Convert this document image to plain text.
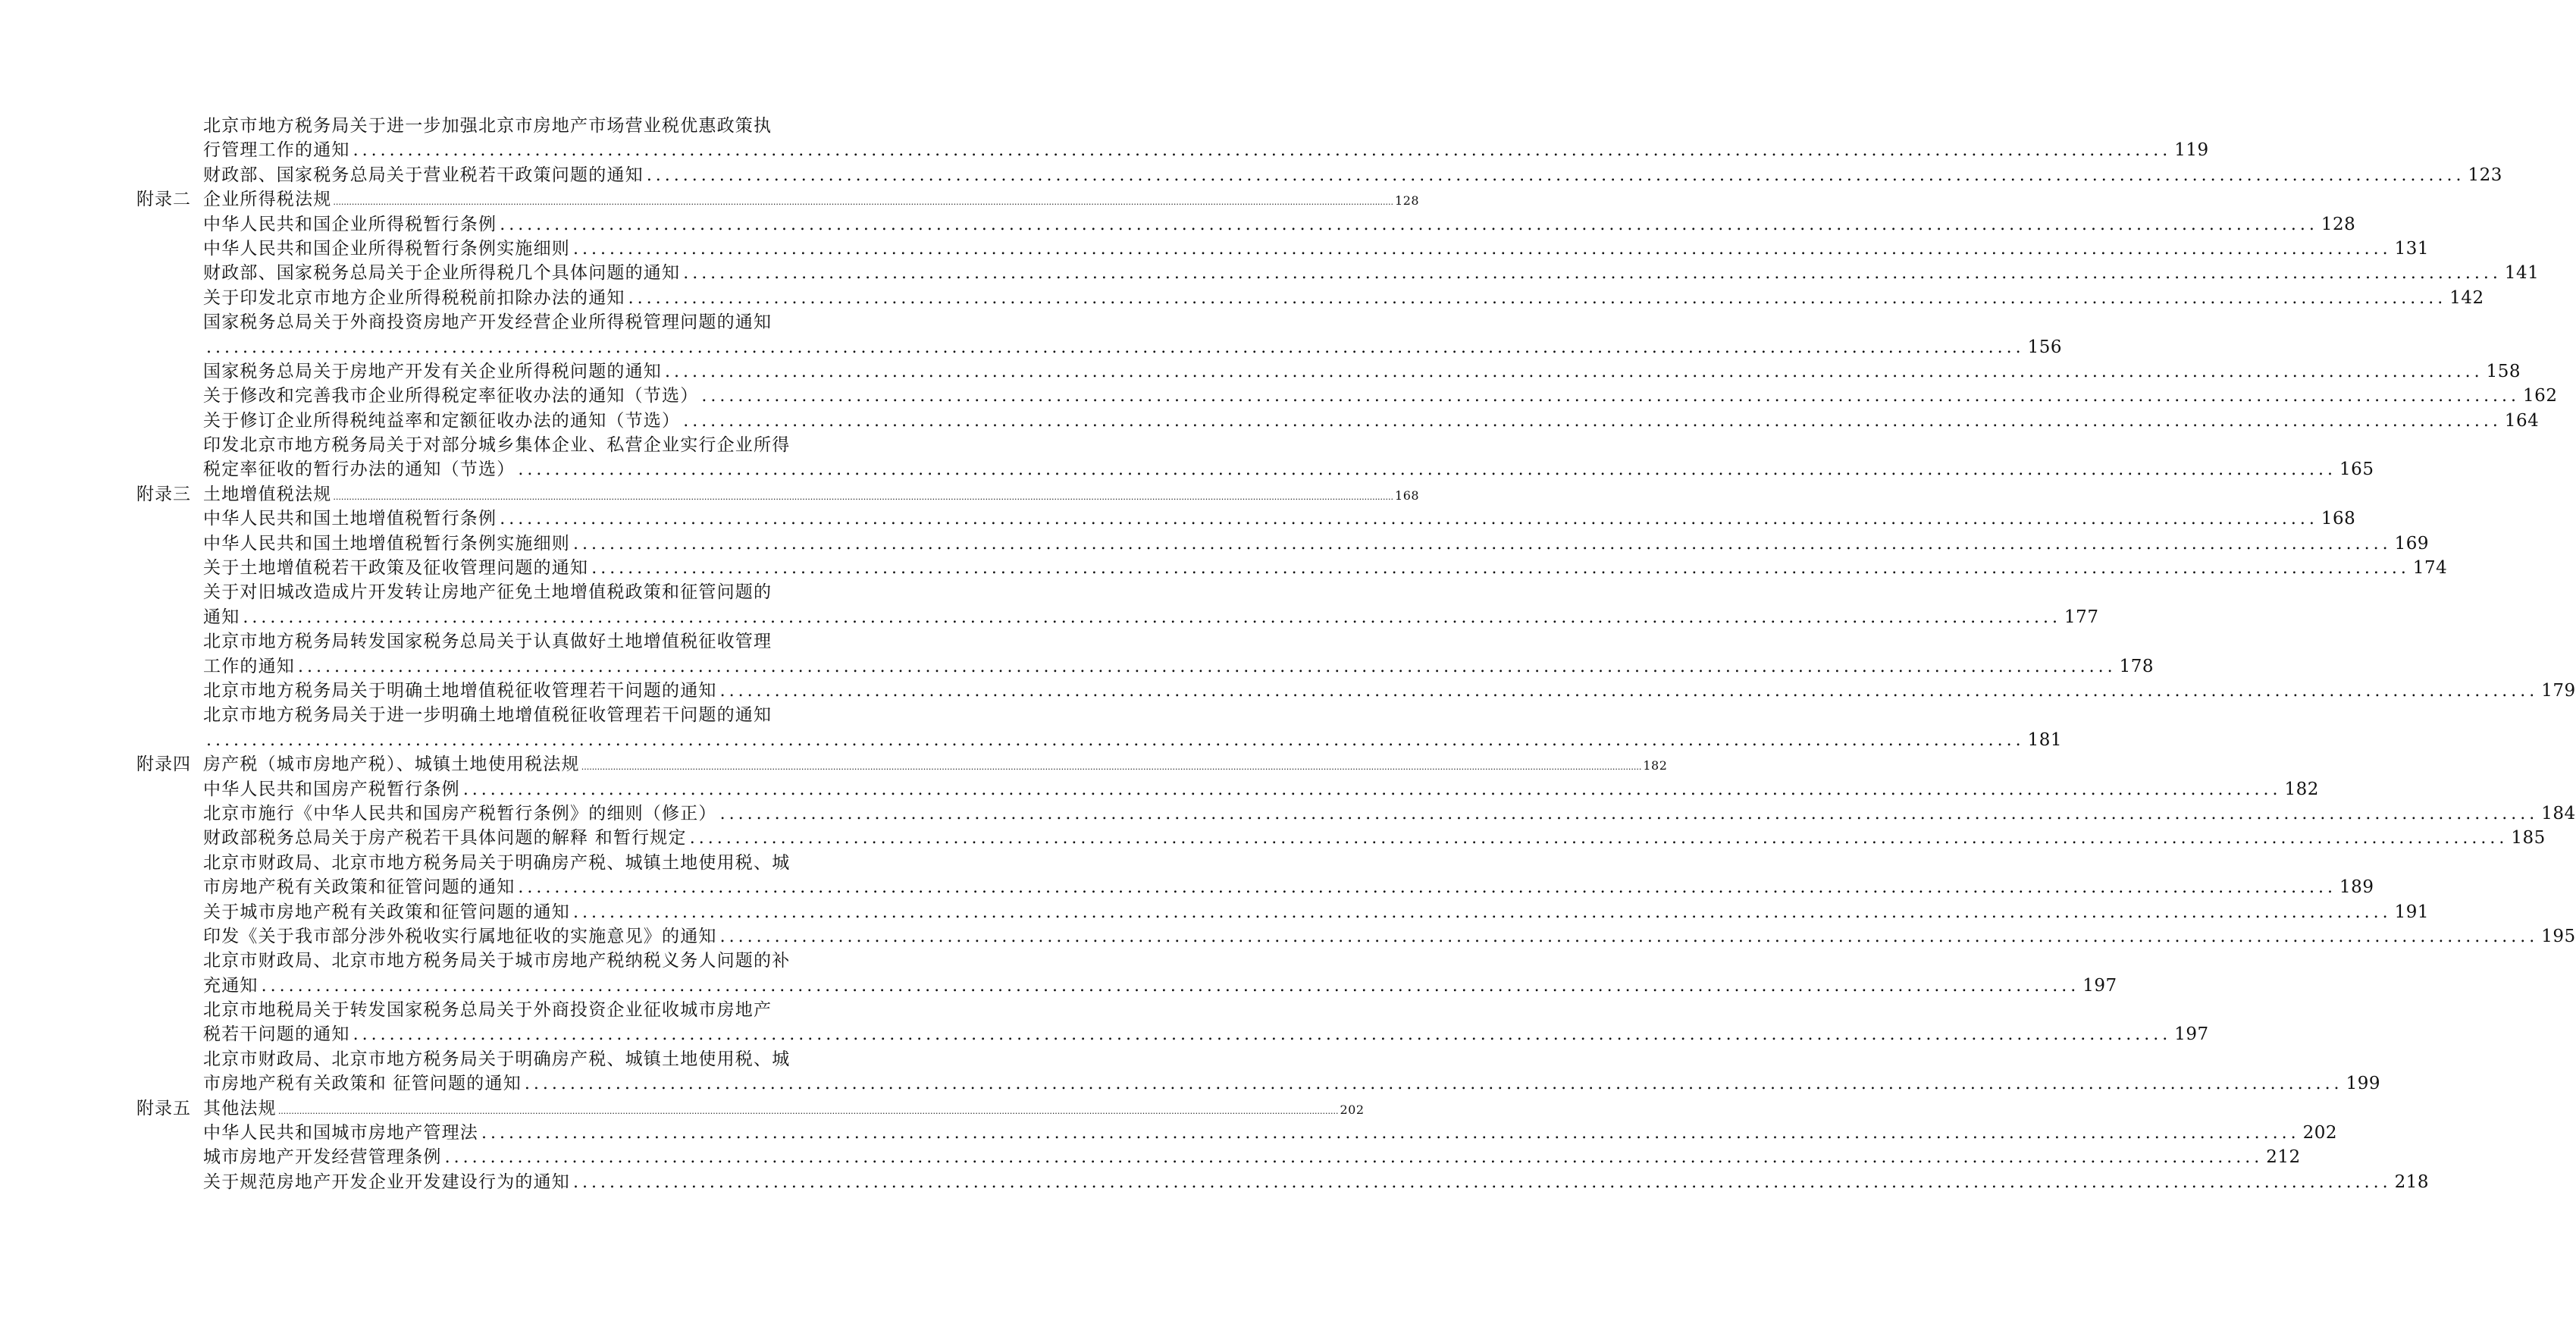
北京市地方税务局关于进一步加强北京市房地产市场营业税优惠政策执
行管理工作的通知 ........................................................................................................................................................................................................ 119
财政部、国家税务总局关于营业税若干政策问题的通知 ........................................................................................................................................................................................................ 123
附录二 企业所得税法规 ................................................................................................................................................................................................................................................................................................................................................................................................................ 128
中华人民共和国企业所得税暂行条例 ........................................................................................................................................................................................................ 128
中华人民共和国企业所得税暂行条例实施细则 ........................................................................................................................................................................................................ 131
财政部、国家税务总局关于企业所得税几个具体问题的通知 ........................................................................................................................................................................................................ 141
关于印发北京市地方企业所得税税前扣除办法的通知 ........................................................................................................................................................................................................ 142
国家税务总局关于外商投资房地产开发经营企业所得税管理问题的通知
........................................................................................................................................................................................................ 156
国家税务总局关于房地产开发有关企业所得税问题的通知 ........................................................................................................................................................................................................ 158
关于修改和完善我市企业所得税定率征收办法的通知（节选） ........................................................................................................................................................................................................ 162
关于修订企业所得税纯益率和定额征收办法的通知（节选） ........................................................................................................................................................................................................ 164
印发北京市地方税务局关于对部分城乡集体企业、私营企业实行企业所得
税定率征收的暂行办法的通知（节选） ........................................................................................................................................................................................................ 165
附录三 土地增值税法规 ................................................................................................................................................................................................................................................................................................................................................................................................................ 168
中华人民共和国土地增值税暂行条例 ........................................................................................................................................................................................................ 168
中华人民共和国土地增值税暂行条例实施细则 ........................................................................................................................................................................................................ 169
关于土地增值税若干政策及征收管理问题的通知 ........................................................................................................................................................................................................ 174
关于对旧城改造成片开发转让房地产征免土地增值税政策和征管问题的
通知 ........................................................................................................................................................................................................ 177
北京市地方税务局转发国家税务总局关于认真做好土地增值税征收管理
工作的通知 ........................................................................................................................................................................................................ 178
北京市地方税务局关于明确土地增值税征收管理若干问题的通知 ........................................................................................................................................................................................................ 179
北京市地方税务局关于进一步明确土地增值税征收管理若干问题的通知
........................................................................................................................................................................................................ 181
附录四 房产税（城市房地产税）、城镇土地使用税法规 ................................................................................................................................................................................................................................................................................................................................................................................................................ 182
中华人民共和国房产税暂行条例 ........................................................................................................................................................................................................ 182
北京市施行《中华人民共和国房产税暂行条例》的细则（修正） ........................................................................................................................................................................................................ 184
财政部税务总局关于房产税若干具体问题的解释 和暂行规定 ........................................................................................................................................................................................................ 185
北京市财政局、北京市地方税务局关于明确房产税、城镇土地使用税、城
市房地产税有关政策和征管问题的通知 ........................................................................................................................................................................................................ 189
关于城市房地产税有关政策和征管问题的通知 ........................................................................................................................................................................................................ 191
印发《关于我市部分涉外税收实行属地征收的实施意见》的通知 ........................................................................................................................................................................................................ 195
北京市财政局、北京市地方税务局关于城市房地产税纳税义务人问题的补
充通知 ........................................................................................................................................................................................................ 197
北京市地税局关于转发国家税务总局关于外商投资企业征收城市房地产
税若干问题的通知 ........................................................................................................................................................................................................ 197
北京市财政局、北京市地方税务局关于明确房产税、城镇土地使用税、城
市房地产税有关政策和 征管问题的通知 ........................................................................................................................................................................................................ 199
附录五 其他法规 ................................................................................................................................................................................................................................................................................................................................................................................................................ 202
中华人民共和国城市房地产管理法 ........................................................................................................................................................................................................ 202
城市房地产开发经营管理条例 ........................................................................................................................................................................................................ 212
关于规范房地产开发企业开发建设行为的通知 ........................................................................................................................................................................................................ 218
